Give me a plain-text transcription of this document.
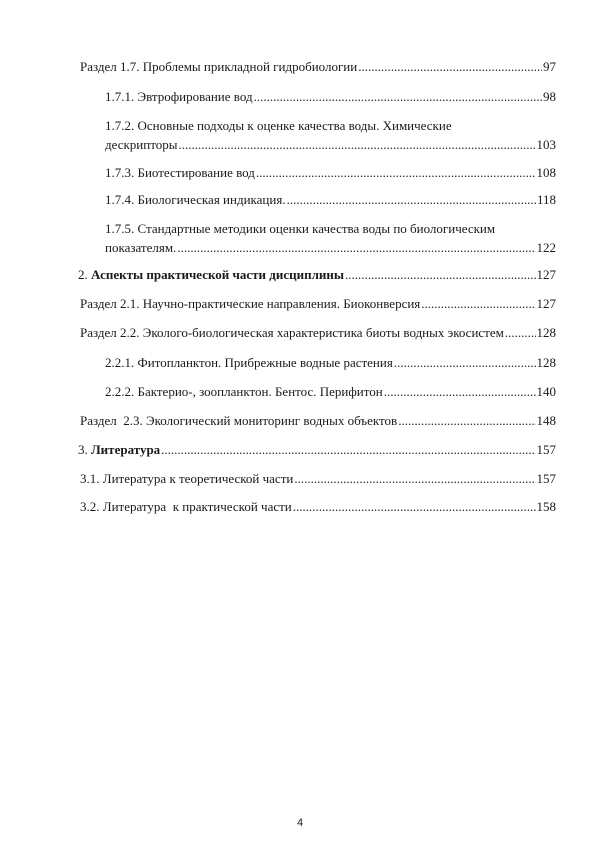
Раздел 1.7. Проблемы прикладной гидробиологии .....	97
1.7.1. Эвтрофирование вод .....	98
1.7.2. Основные подходы к оценке качества воды. Химические
дескрипторы .....	103
1.7.3. Биотестирование вод .....	108
1.7.4. Биологическая индикация. .....	118
1.7.5. Стандартные методики оценки качества воды по биологическим
показателям. .....	122
2. Аспекты практической части дисциплины .....	127
Раздел 2.1. Научно-практические направления. Биоконверсия .....	127
Раздел 2.2. Эколого-биологическая характеристика биоты водных экосистем .....	128
2.2.1. Фитопланктон. Прибрежные водные растения .....	128
2.2.2. Бактерио-, зоопланктон. Бентос. Перифитон .....	140
Раздел  2.3. Экологический мониторинг водных объектов .....	148
3. Литература .....	157
3.1. Литература к теоретической части .....	157
3.2. Литература  к практической части .....	158
4
